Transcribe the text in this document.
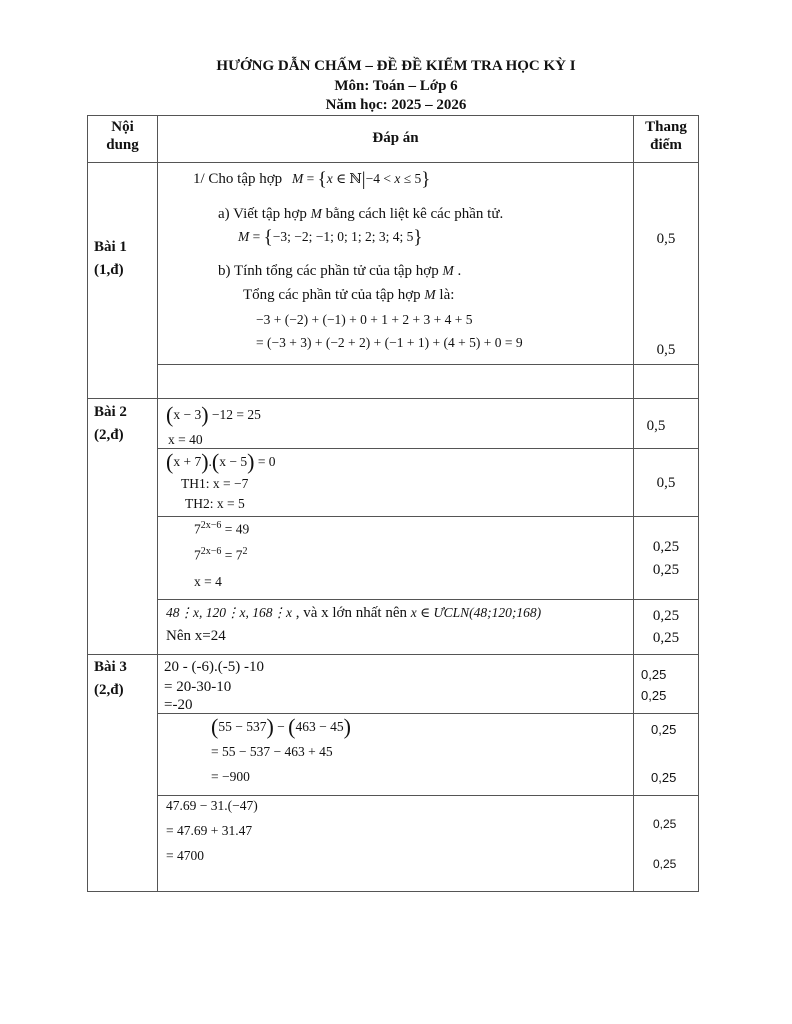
HƯỚNG DẪN CHẤM – ĐỀ ĐỀ KIỂM TRA HỌC KỲ I
Môn: Toán – Lớp 6
Năm học: 2025 – 2026
Nội
dung	Đáp án
Thang
điểm
Bài 1
(1,đ)
1/ Cho tập hợp M = {x ∈ ℕ|−4 < x ≤ 5}
a) Viết tập hợp M bằng cách liệt kê các phần tử.
M = {−3; −2; −1; 0; 1; 2; 3; 4; 5}
b) Tính tổng các phần tử của tập hợp M .
Tổng các phần tử của tập hợp M là:
−3 + (−2) + (−1) + 0 + 1 + 2 + 3 + 4 + 5
= (−3 + 3) + (−2 + 2) + (−1 + 1) + (4 + 5) + 0 = 9
0,5
0,5
Bài 2
(2,đ)
(x − 3) −12 = 25
x = 40
0,5
(x + 7).(x − 5) = 0
TH1: x = −7
TH2: x = 5
0,5
$7^{2x-6} = 49$
$7^{2x-6} = 7^2$
x = 4
0,25
0,25
48⋮x, 120⋮x, 168⋮x , và x lớn nhất nên x ∈ ƯCLN(48;120;168)
Nên x=24
0,25
0,25
Bài 3
(2,đ)
20 - (-6).(-5) -10
= 20-30-10
=-20
0,25
0,25
(55 − 537) − (463 − 45)
= 55 − 537 − 463 + 45
= −900
0,25
0,25
47.69 − 31.(−47)
= 47.69 + 31.47
= 4700
0,25
0,25
